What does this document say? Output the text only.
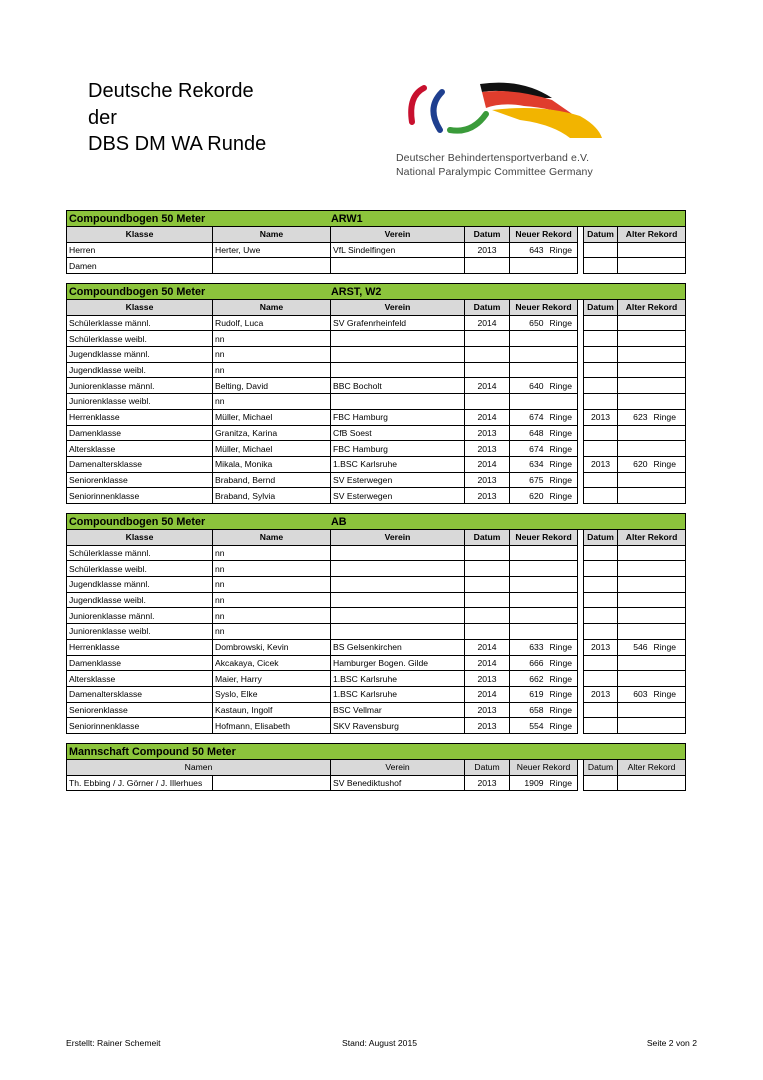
Deutsche Rekorde
der
DBS DM WA Runde
Deutscher Behindertensportverband e.V.
National Paralympic Committee Germany
Compoundbogen 50 Meter ARW1									
Klasse	Name	Verein	Datum	Neuer Rekord			Datum	Alter Rekord	
Herren	Herter, Uwe	VfL Sindelfingen	2013	643	Ringe				
Damen									
Compoundbogen 50 Meter ARST, W2									
Klasse	Name	Verein	Datum	Neuer Rekord			Datum	Alter Rekord	
Schülerklasse männl.	Rudolf, Luca	SV Grafenrheinfeld	2014	650	Ringe				
Schülerklasse weibl.	nn								
Jugendklasse männl.	nn								
Jugendklasse weibl.	nn								
Juniorenklasse männl.	Belting, David	BBC Bocholt	2014	640	Ringe				
Juniorenklasse weibl.	nn								
Herrenklasse	Müller, Michael	FBC Hamburg	2014	674	Ringe		2013	623	Ringe
Damenklasse	Granitza, Karina	CfB Soest	2013	648	Ringe				
Altersklasse	Müller, Michael	FBC Hamburg	2013	674	Ringe				
Damenaltersklasse	Mikala, Monika	1.BSC Karlsruhe	2014	634	Ringe		2013	620	Ringe
Seniorenklasse	Braband, Bernd	SV Esterwegen	2013	675	Ringe				
Seniorinnenklasse	Braband, Sylvia	SV Esterwegen	2013	620	Ringe				
Compoundbogen 50 Meter AB									
Klasse	Name	Verein	Datum	Neuer Rekord			Datum	Alter Rekord	
Schülerklasse männl.	nn								
Schülerklasse weibl.	nn								
Jugendklasse männl.	nn								
Jugendklasse weibl.	nn								
Juniorenklasse männl.	nn								
Juniorenklasse weibl.	nn								
Herrenklasse	Dombrowski, Kevin	BS Gelsenkirchen	2014	633	Ringe		2013	546	Ringe
Damenklasse	Akcakaya, Cicek	Hamburger Bogen. Gilde	2014	666	Ringe				
Altersklasse	Maier, Harry	1.BSC Karlsruhe	2013	662	Ringe				
Damenaltersklasse	Syslo, Elke	1.BSC Karlsruhe	2014	619	Ringe		2013	603	Ringe
Seniorenklasse	Kastaun, Ingolf	BSC Vellmar	2013	658	Ringe				
Seniorinnenklasse	Hofmann, Elisabeth	SKV Ravensburg	2013	554	Ringe				
Mannschaft Compound 50 Meter									
Namen		Verein	Datum	Neuer Rekord			Datum	Alter Rekord	
Th. Ebbing / J. Görner / J. Illerhues		SV Benediktushof	2013	1909	Ringe				
Erstellt: Rainer Schemeit	Stand: August 2015	Seite 2 von 2
